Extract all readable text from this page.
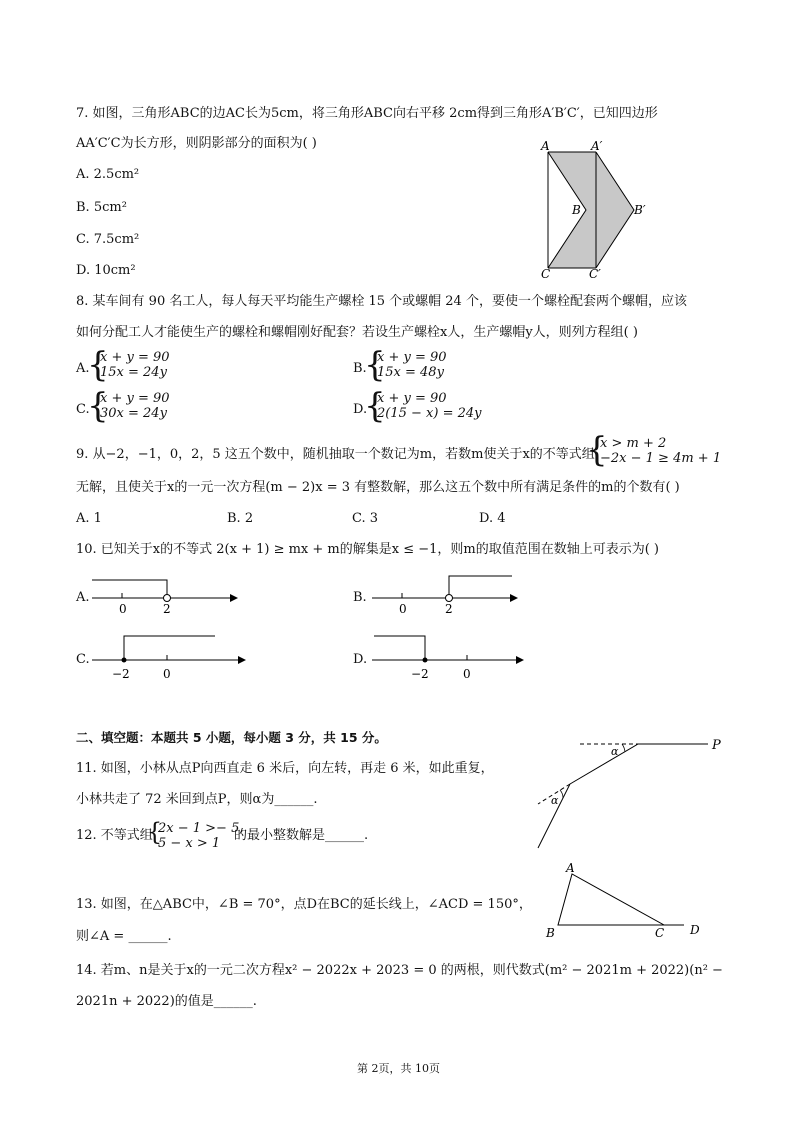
7. 如图，三角形ABC的边AC长为5cm，将三角形ABC向右平移 2cm得到三角形A′B′C′，已知四边形
AA′C′C为长方形，则阴影部分的面积为( )
A. 2.5cm²
B. 5cm²
C. 7.5cm²
D. 10cm²
A	A′
B	B′
C	C′
8. 某车间有 90 名工人，每人每天平均能生产螺栓 15 个或螺帽 24 个，要使一个螺栓配套两个螺帽，应该
如何分配工人才能使生产的螺栓和螺帽刚好配套？若设生产螺栓x人，生产螺帽y人，则列方程组( )
A.
{
x + y = 90
15x = 24y	B.
{
x + y = 90
15x = 48y
C.
{
x + y = 90
30x = 24y	D.
{
x + y = 90
2(15 − x) = 24y
9. 从−2，−1，0，2，5 这五个数中，随机抽取一个数记为m，若数m使关于x的不等式组
{
x > m + 2
−2x − 1 ≥ 4m + 1
无解，且使关于x的一元一次方程(m − 2)x = 3 有整数解，那么这五个数中所有满足条件的m的个数有( )
A. 1	B. 2	C. 3	D. 4
10. 已知关于x的不等式 2(x + 1) ≥ mx + m的解集是x ≤ −1，则m的取值范围在数轴上可表示为( )
A.	B.
C.	D.
0	2	0	2
−2	0	−2	0
二、填空题：本题共 5 小题，每小题 3 分，共 15 分。
11. 如图，小林从点P向西直走 6 米后，向左转，再走 6 米，如此重复，
小林共走了 72 米回到点P，则α为______.
α
α
P
12. 不等式组
{
2x − 1 >− 5,
5 − x > 1
的最小整数解是______.
13. 如图，在△ABC中，∠B = 70°，点D在BC的延长线上，∠ACD = 150°，
则∠A = ______.
A
B	C D
14. 若m、n是关于x的一元二次方程x² − 2022x + 2023 = 0 的两根，则代数式(m² − 2021m + 2022)(n² −
2021n + 2022)的值是______.
第 2页，共 10页
